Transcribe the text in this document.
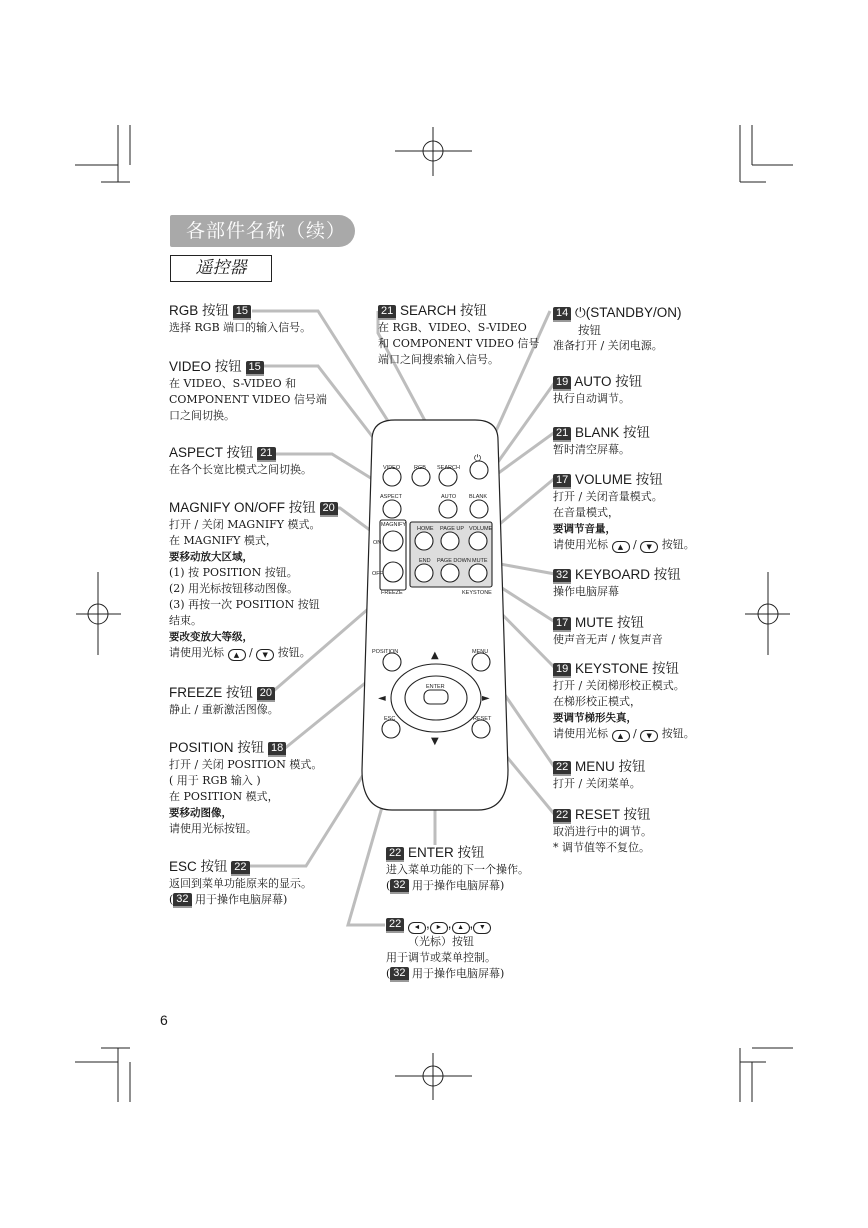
各部件名称（续）
遥控器
▲
▼
◄	►
⏻
VIDEO	RGB SEARCH
ASPECT	AUTO BLANK
MAGNIFY
ON
OFF
HOME PAGE UP VOLUME
END PAGE DOWN MUTE
FREEZE	KEYSTONE
POSITION	MENU
ENTER
ESC	RESET
RGB 按钮 15
选择 RGB 端口的输入信号。
VIDEO 按钮 15
在 VIDEO、S-VIDEO 和
COMPONENT VIDEO 信号端
口之间切换。
ASPECT 按钮 21
在各个长宽比模式之间切换。
MAGNIFY ON/OFF 按钮 20
打开 / 关闭 MAGNIFY 模式。
在 MAGNIFY 模式，
要移动放大区域，
(1) 按 POSITION 按钮。
(2) 用光标按钮移动图像。
(3) 再按一次 POSITION 按钮
结束。
要改变放大等级，
请使用光标 ▲ / ▼ 按钮。
FREEZE 按钮 20
静止 / 重新激活图像。
POSITION 按钮 18
打开 / 关闭 POSITION 模式。
( 用于 RGB 输入 )
在 POSITION 模式，
要移动图像，
请使用光标按钮。
ESC 按钮 22
返回到菜单功能原来的显示。
( 32 用于操作电脑屏幕)
21 SEARCH 按钮
在 RGB、VIDEO、S-VIDEO
和 COMPONENT VIDEO 信号
端口之间搜索输入信号。
22 ENTER 按钮
进入菜单功能的下一个操作。
( 32 用于操作电脑屏幕)
22 ◄ , ► , ▲ , ▼
（光标）按钮
用于调节或菜单控制。
( 32 用于操作电脑屏幕)
14 ⏻(STANDBY/ON)
按钮
准备打开 / 关闭电源。
19 AUTO 按钮
执行自动调节。
21 BLANK 按钮
暂时清空屏幕。
17 VOLUME 按钮
打开 / 关闭音量模式。
在音量模式，
要调节音量，
请使用光标 ▲ / ▼ 按钮。
32 KEYBOARD 按钮
操作电脑屏幕
17 MUTE 按钮
使声音无声 / 恢复声音
19 KEYSTONE 按钮
打开 / 关闭梯形校正模式。
在梯形校正模式，
要调节梯形失真，
请使用光标 ▲ / ▼ 按钮。
22 MENU 按钮
打开 / 关闭菜单。
22 RESET 按钮
取消进行中的调节。
* 调节值等不复位。
6
